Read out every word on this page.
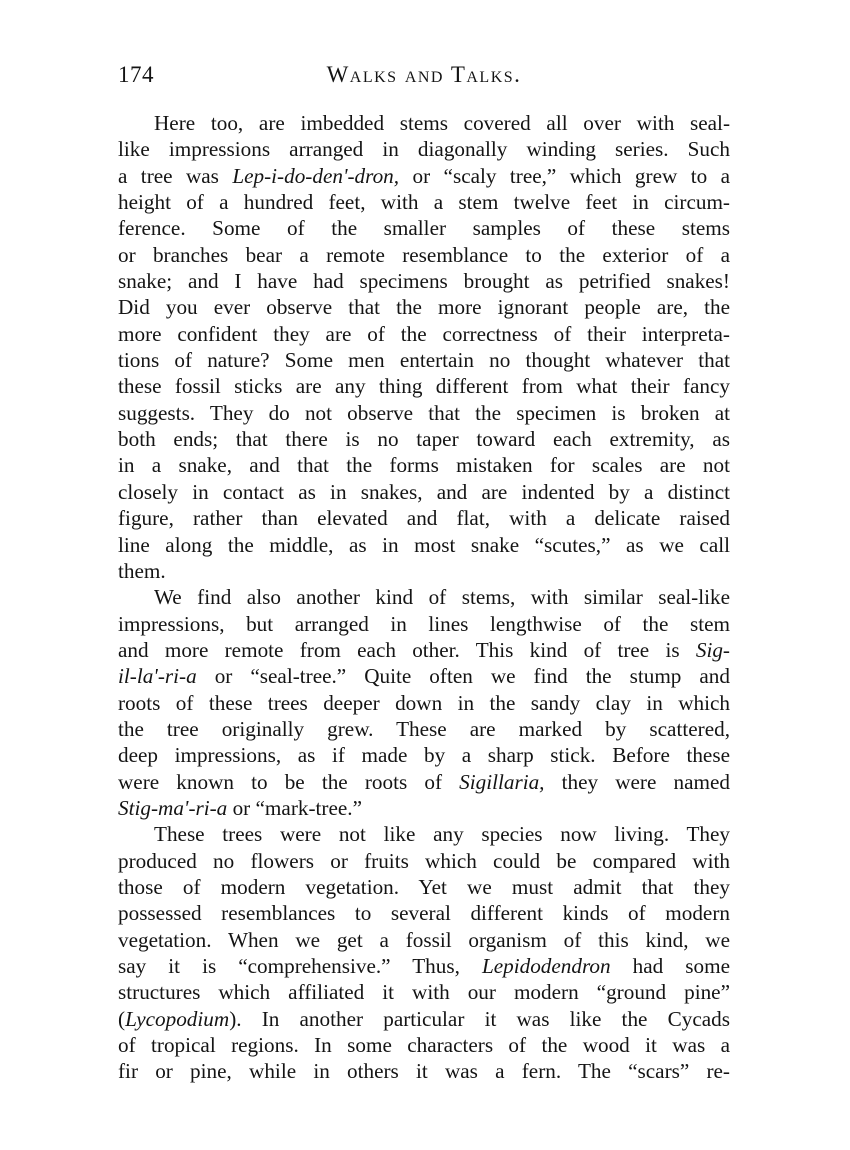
174	Walks and Talks.
Here too, are imbedded stems covered all over with seal-
like impressions arranged in diagonally winding series. Such
a tree was Lep-i-do-den'-dron, or “scaly tree,” which grew to a
height of a hundred feet, with a stem twelve feet in circum-
ference. Some of the smaller samples of these stems
or branches bear a remote resemblance to the exterior of a
snake; and I have had specimens brought as petrified snakes!
Did you ever observe that the more ignorant people are, the
more confident they are of the correctness of their interpreta-
tions of nature? Some men entertain no thought whatever that
these fossil sticks are any thing different from what their fancy
suggests. They do not observe that the specimen is broken at
both ends; that there is no taper toward each extremity, as
in a snake, and that the forms mistaken for scales are not
closely in contact as in snakes, and are indented by a distinct
figure, rather than elevated and flat, with a delicate raised
line along the middle, as in most snake “scutes,” as we call
them.
We find also another kind of stems, with similar seal-like
impressions, but arranged in lines lengthwise of the stem
and more remote from each other. This kind of tree is Sig-
il-la'-ri-a or “seal-tree.” Quite often we find the stump and
roots of these trees deeper down in the sandy clay in which
the tree originally grew. These are marked by scattered,
deep impressions, as if made by a sharp stick. Before these
were known to be the roots of Sigillaria, they were named
Stig-ma'-ri-a or “mark-tree.”
These trees were not like any species now living. They
produced no flowers or fruits which could be compared with
those of modern vegetation. Yet we must admit that they
possessed resemblances to several different kinds of modern
vegetation. When we get a fossil organism of this kind, we
say it is “comprehensive.” Thus, Lepidodendron had some
structures which affiliated it with our modern “ground pine”
(Lycopodium). In another particular it was like the Cycads
of tropical regions. In some characters of the wood it was a
fir or pine, while in others it was a fern. The “scars” re-
